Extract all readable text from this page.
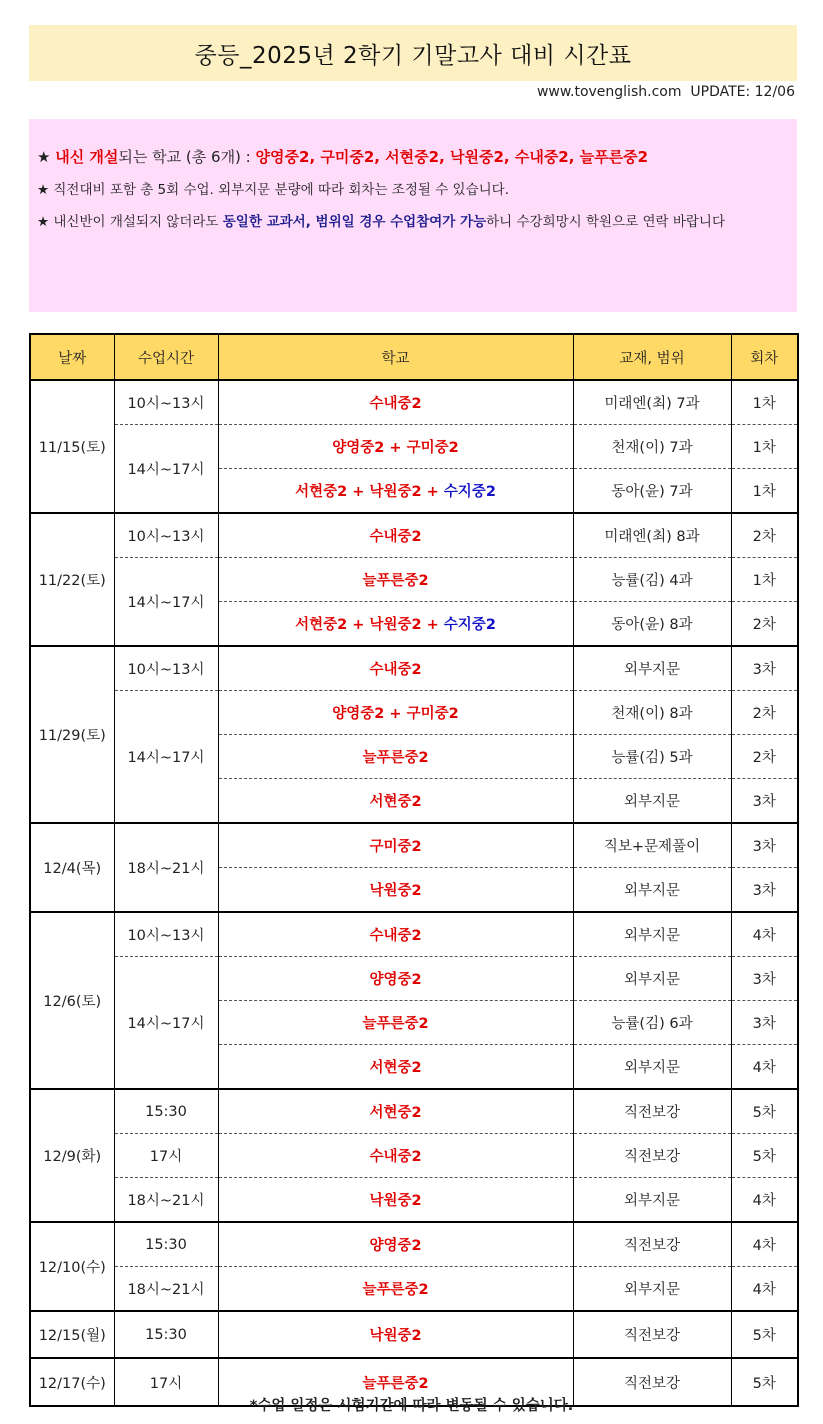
중등_2025년 2학기 기말고사 대비 시간표
www.tovenglish.com UPDATE: 12/06

★ 내신 개설되는 학교 (총 6개) : 양영중2, 구미중2, 서현중2, 낙원중2, 수내중2, 늘푸른중2

★ 직전대비 포함 총 5회 수업. 외부지문 분량에 따라 회차는 조정될 수 있습니다.

★ 내신반이 개설되지 않더라도 동일한 교과서, 범위일 경우 수업참여가 가능하니 수강희망시 학원으로 연락 바랍니다

날짜	수업시간	학교	교재, 범위	회차
11/15(토)	10시~13시	수내중2	미래엔(최) 7과	1차
	14시~17시	양영중2 + 구미중2	천재(이) 7과	1차
		서현중2 + 낙원중2 + 수지중2	동아(윤) 7과	1차
11/22(토)	10시~13시	수내중2	미래엔(최) 8과	2차
	14시~17시	늘푸른중2	능률(김) 4과	1차
		서현중2 + 낙원중2 + 수지중2	동아(윤) 8과	2차
11/29(토)	10시~13시	수내중2	외부지문	3차
	14시~17시	양영중2 + 구미중2	천재(이) 8과	2차
		늘푸른중2	능률(김) 5과	2차
		서현중2	외부지문	3차
12/4(목)	18시~21시	구미중2	직보+문제풀이	3차
		낙원중2	외부지문	3차
12/6(토)	10시~13시	수내중2	외부지문	4차
	14시~17시	양영중2	외부지문	3차
		늘푸른중2	능률(김) 6과	3차
		서현중2	외부지문	4차
12/9(화)	15:30	서현중2	직전보강	5차
	17시	수내중2	직전보강	5차
	18시~21시	낙원중2	외부지문	4차
12/10(수)	15:30	양영중2	직전보강	4차
	18시~21시	늘푸른중2	외부지문	4차
12/15(월)	15:30	낙원중2	직전보강	5차
12/17(수)	17시	늘푸른중2	직전보강	5차
*수업 일정은 시험기간에 따라 변동될 수 있습니다.
